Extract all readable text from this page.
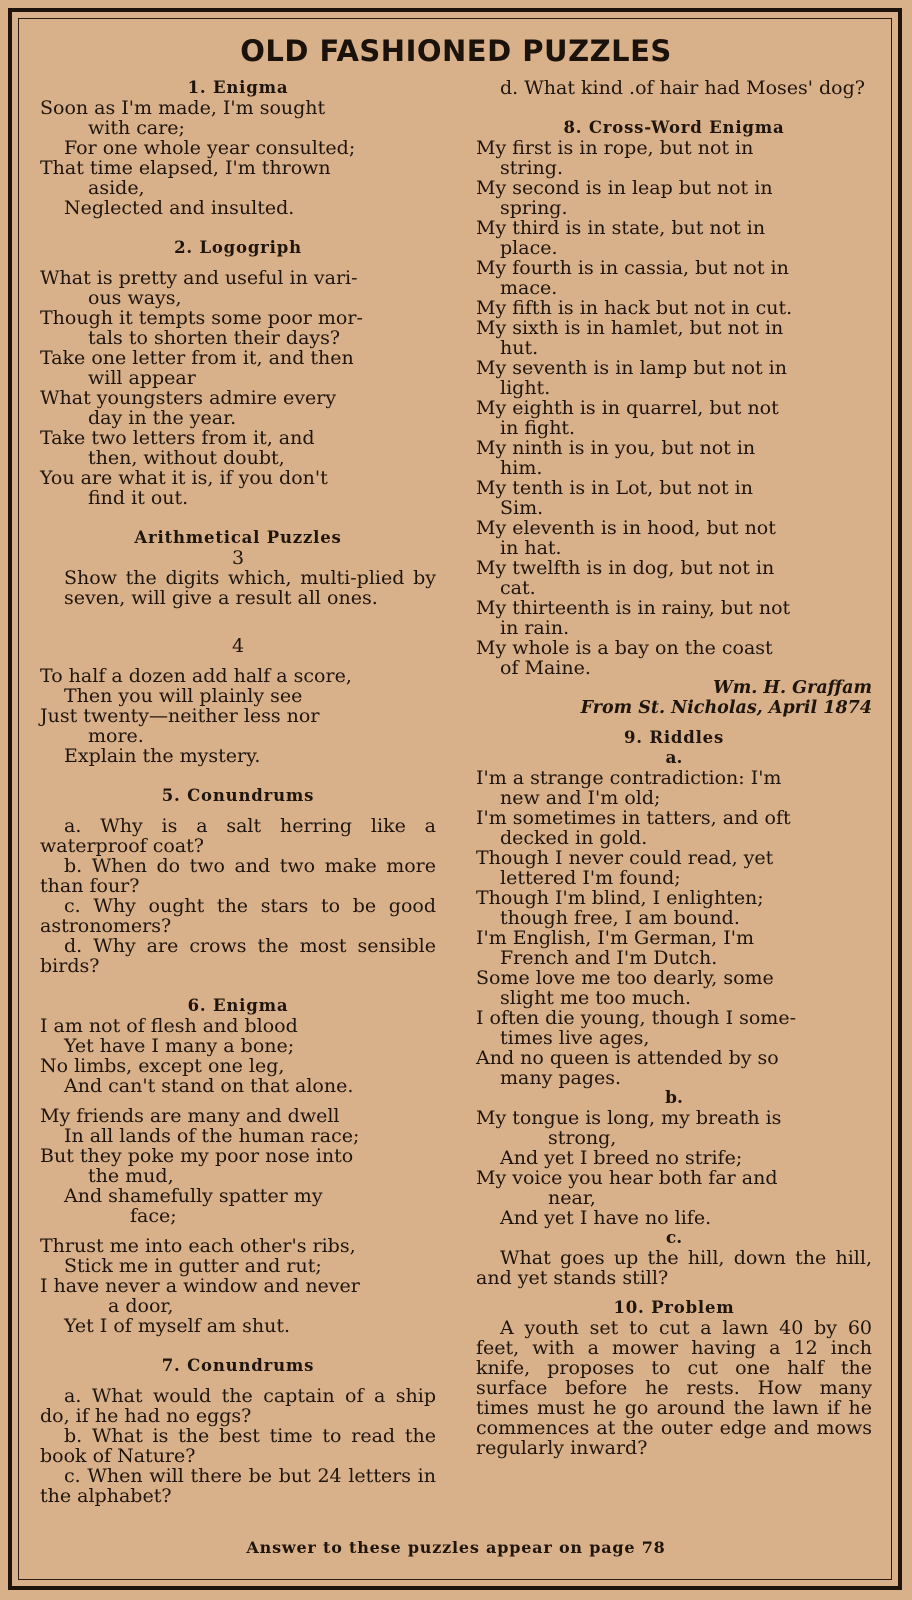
OLD FASHIONED PUZZLES
1. Enigma
Soon as I'm made, I'm sought
with care;
For one whole year consulted;
That time elapsed, I'm thrown
aside,
Neglected and insulted.
2. Logogriph
What is pretty and useful in vari-
ous ways,
Though it tempts some poor mor-
tals to shorten their days?
Take one letter from it, and then
will appear
What youngsters admire every
day in the year.
Take two letters from it, and
then, without doubt,
You are what it is, if you don't
find it out.
Arithmetical Puzzles
3
Show the digits which, multi-plied by seven, will give a result all ones.
4
To half a dozen add half a score,
Then you will plainly see
Just twenty—neither less nor
more.
Explain the mystery.
5. Conundrums
a. Why is a salt herring like a waterproof coat?
b. When do two and two make more than four?
c. Why ought the stars to be good astronomers?
d. Why are crows the most sensible birds?
6. Enigma
I am not of flesh and blood
Yet have I many a bone;
No limbs, except one leg,
And can't stand on that alone.
My friends are many and dwell
In all lands of the human race;
But they poke my poor nose into
the mud,
And shamefully spatter my
face;
Thrust me into each other's ribs,
Stick me in gutter and rut;
I have never a window and never
a door,
Yet I of myself am shut.
7. Conundrums
a. What would the captain of a ship do, if he had no eggs?
b. What is the best time to read the book of Nature?
c. When will there be but 24 letters in the alphabet?
d. What kind .of hair had Moses' dog?
8. Cross-Word Enigma
My first is in rope, but not in
string.
My second is in leap but not in
spring.
My third is in state, but not in
place.
My fourth is in cassia, but not in
mace.
My fifth is in hack but not in cut.
My sixth is in hamlet, but not in
hut.
My seventh is in lamp but not in
light.
My eighth is in quarrel, but not
in fight.
My ninth is in you, but not in
him.
My tenth is in Lot, but not in
Sim.
My eleventh is in hood, but not
in hat.
My twelfth is in dog, but not in
cat.
My thirteenth is in rainy, but not
in rain.
My whole is a bay on the coast
of Maine.
Wm. H. Graffam
From St. Nicholas, April 1874
9. Riddles
a.
I'm a strange contradiction: I'm
new and I'm old;
I'm sometimes in tatters, and oft
decked in gold.
Though I never could read, yet
lettered I'm found;
Though I'm blind, I enlighten;
though free, I am bound.
I'm English, I'm German, I'm
French and I'm Dutch.
Some love me too dearly, some
slight me too much.
I often die young, though I some-
times live ages,
And no queen is attended by so
many pages.
b.
My tongue is long, my breath is
strong,
And yet I breed no strife;
My voice you hear both far and
near,
And yet I have no life.
c.
What goes up the hill, down the hill, and yet stands still?
10. Problem
A youth set to cut a lawn 40 by 60 feet, with a mower having a 12 inch knife, proposes to cut one half the surface before he rests. How many times must he go around the lawn if he commences at the outer edge and mows regularly inward?
Answer to these puzzles appear on page 78
